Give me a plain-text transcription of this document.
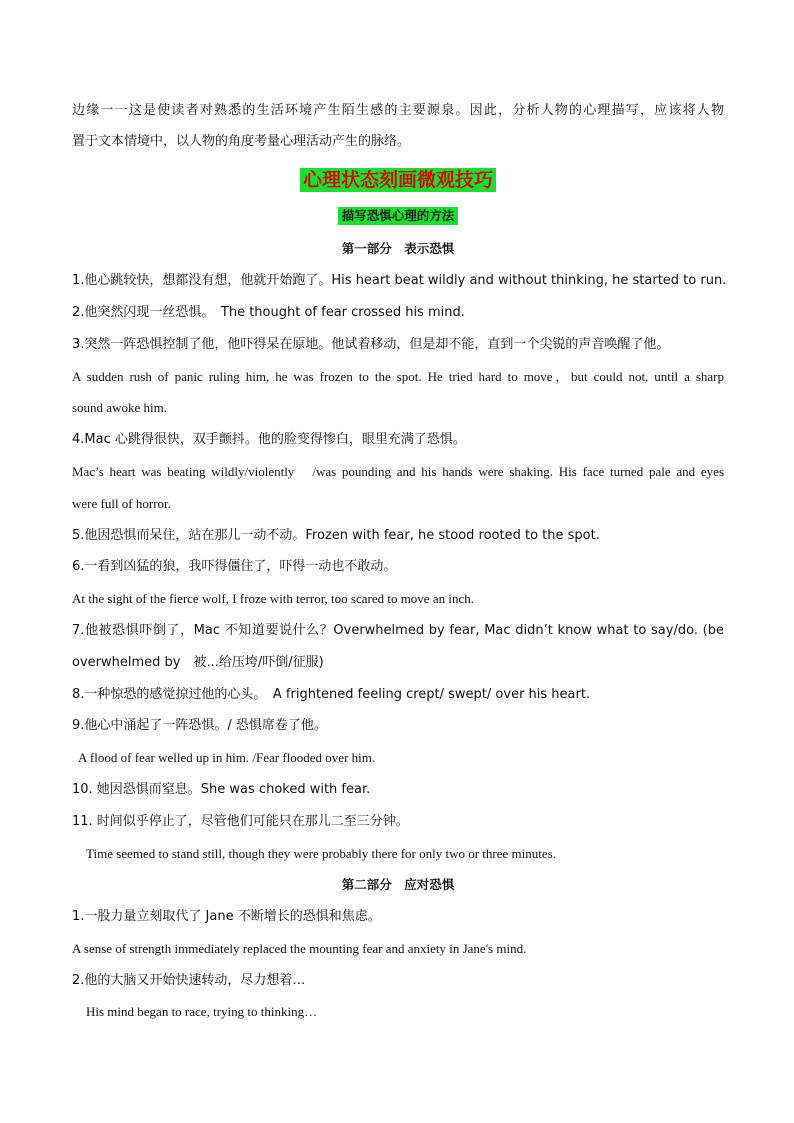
边缘一一这是使读者对熟悉的生活环境产生陌生感的主要源泉。因此，分析人物的心理描写，应该将人物
置于文本情境中，以人物的角度考量心理活动产生的脉络。
心理状态刻画微观技巧
描写恐惧心理的方法
第一部分　表示恐惧
1.他心跳较快，想都没有想，他就开始跑了。His heart beat wildly and without thinking, he started to run.
2.他突然闪现一丝恐惧。　The thought of fear crossed his mind.
3.突然一阵恐惧控制了他，他吓得呆在原地。他试着移动，但是却不能，直到一个尖锐的声音唤醒了他。
A sudden rush of panic ruling him, he was frozen to the spot. He tried hard to move，but could not, until a sharp
sound awoke him.
4.Mac 心跳得很快，双手颤抖。他的脸变得惨白，眼里充满了恐惧。
Mac’s heart was beating wildly/violently　/was pounding and his hands were shaking. His face turned pale and eyes
were full of horror.
5.他因恐惧而呆住，站在那儿一动不动。Frozen with fear, he stood rooted to the spot.
6.一看到凶猛的狼，我吓得僵住了，吓得一动也不敢动。
At the sight of the fierce wolf, I froze with terror, too scared to move an inch.
7.他被恐惧吓倒了，Mac 不知道要说什么？Overwhelmed by fear, Mac didn’t know what to say/do. (be
overwhelmed by　被...给压垮/吓倒/征服)
8.一种惊恐的感觉掠过他的心头。　A frightened feeling crept/ swept/ over his heart.
9.他心中涌起了一阵恐惧。/ 恐惧席卷了他。
A flood of fear welled up in him. /Fear flooded over him.
10. 她因恐惧而窒息。She was choked with fear.
11. 时间似乎停止了，尽管他们可能只在那儿二至三分钟。
Time seemed to stand still, though they were probably there for only two or three minutes.
第二部分　应对恐惧
1.一股力量立刻取代了 Jane 不断增长的恐惧和焦虑。
A sense of strength immediately replaced the mounting fear and anxiety in Jane's mind.
2.他的大脑又开始快速转动，尽力想着…
His mind began to race, trying to thinking…
